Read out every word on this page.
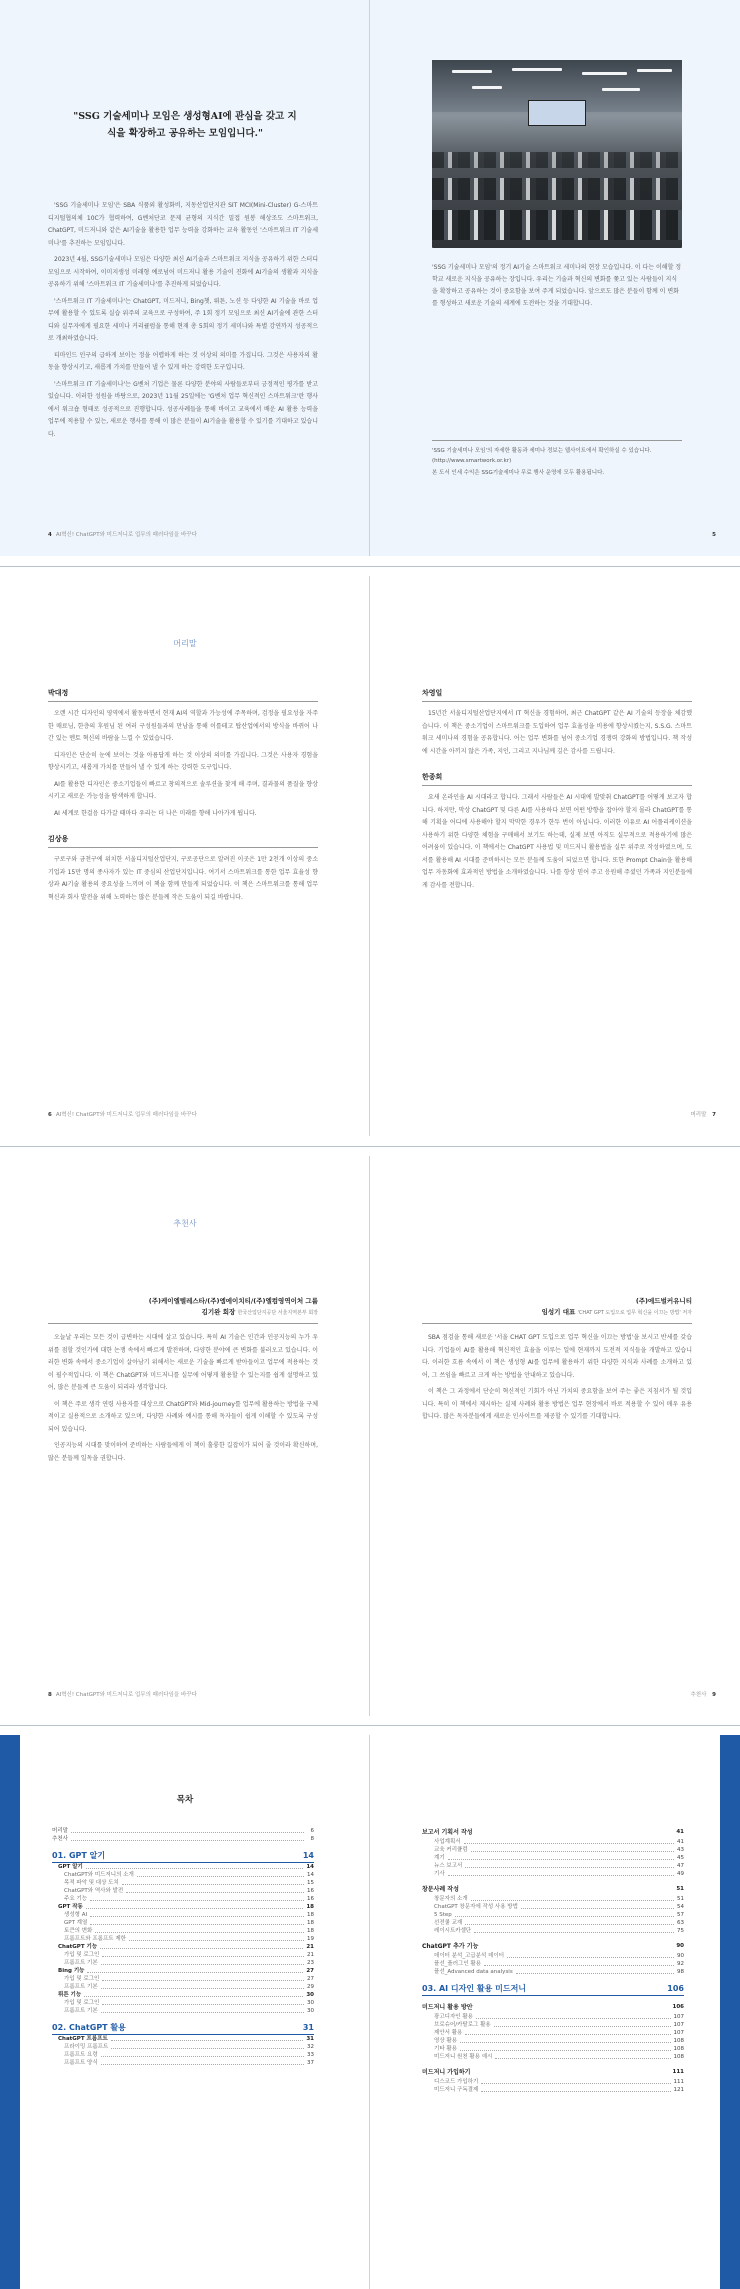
"SSG 기술세미나 모임은 생성형AI에 관심을 갖고 지식을 확장하고 공유하는 모임입니다."

'SSG 기술세미나 모임'은 SBA 식품외 활성화비, 지동산업단지관 SIT MCI(Mini-Cluster) G-스마트 디지털협의체 10C가 협력하여, G벤처단코 문제 균형의 지식간 밀접 원봉 해상조도 스마트워크, ChatGPT, 미드저니와 같은 AI기술을 활용한 업무 능력을 강화하는 교육 활동인 '스마트워크 IT 기술세미나'를 추진하는 모임입니다.

2023년 4월, SSG기술세미나 모임은 다양한 최신 AI기술과 스마트워크 지식을 공유하기 위한 스터디 모임으로 시작하여, 이미지생성 미래형 예로넘어 미드저니 활용 기술이 진화에 AI기술의 생활과 지식을 공유하기 위해 '스마트워크 IT 기술세미나'를 추진하게 되었습니다.

'스마트워크 IT 기술세미나'는 ChatGPT, 미드저니, Bing챗, 뤼튼, 노션 등 다양한 AI 기술을 바로 업무에 활용할 수 있도록 실습 위주의 교육으로 구성하여, 주 1회 정기 모임으로 최신 AI기술에 관한 스터디와 실무자에게 필요한 세미나 커리큘럼을 통해 현재 총 5회의 정기 세미나와 특별 강연까지 성공적으로 개최하였습니다.

티마인드 인구의 급하게 보이는 정을 어렵하게 하는 것 이상의 의미를 가집니다. 그것은 사용자의 활동을 향상시키고, 새롭게 가치를 만들어 낼 수 있게 하는 강력한 도구입니다.

'스마트워크 IT 기술세미나'는 G벤처 기업은 물론 다양한 분야의 사람들로부터 긍정적인 평가를 받고 있습니다. 이러한 성원을 바탕으로, 2023년 11월 25일에는 'G벤처 업무 혁신적인 스마트워크'란 행사에서 워크숍 형태로 성공적으로 진행합니다. 성공사례들을 통해 바이고 교육에서 배운 AI 활용 능력을 업무에 적용할 수 있는, 새로운 행사를 통해 이 많은 분들이 AI기술을 활용할 수 있기를 기대하고 있습니다.

4 AI혁신! ChatGPT와 미드저니로 업무의 패러다임을 바꾸다
'SSG 기술세미나 모임'의 정기 AI기술 스마트워크 세미나의 현장 모습입니다. 이 다는 이해할 정 학교 새로운 지식을 공유하는 장입니다. 우리는 기술과 혁신의 변화를 쫓고 있는 사람들이 지식을 확장하고 공유하는 것이 중요함을 보여 주게 되었습니다. 앞으로도 많은 분들이 함께 이 변화를 형성하고 새로운 기술의 세계에 도전하는 것을 기대합니다.
'SSG 기술세미나 모임'의 자세한 활동과 세미나 정보는 웹사이트에서 확인하실 수 있습니다. (http://www.smartwork.or.kr)
본 도서 인세 수익은 SSG기술세미나 무료 행사 운영에 모두 활용됩니다.
5
머리말
박대정

오랜 시간 디자인의 영역에서 활동하면서 현재 AI의 역할과 가능성에 주목하며, 검정을 필요성을 자주한 매료님, 한층의 후원님 된 여러 구성원들과의 만남을 통해 이를테고 탑산업에서의 방식을 바뀌어 나간 있는 멘토 혁신의 바람을 느낄 수 있었습니다.

디자인은 단순히 눈에 보이는 것을 아름답게 하는 것 이상의 의미를 가집니다. 그것은 사용자 경험을 향상시키고, 새롭게 가치를 만들어 낼 수 있게 하는 강력한 도구입니다.

AI를 활용한 디자인은 중소기업들이 빠르고 창의적으로 솔루션을 찾게 해 주며, 결과물의 품질을 향상시키고 새로운 가능성을 탐색하게 합니다.

AI 세계로 한걸음 다가갈 때마다 우리는 더 나은 미래를 향해 나아가게 됩니다.

김상용

구로구와 금천구에 위치한 서울디지털산업단지, 구로공단으로 알려진 이곳은 1만 2천개 이상의 중소기업과 15만 명의 종사자가 있는 IT 중심의 산업단지입니다. 여기서 스마트워크를 통한 업무 효율성 향상과 AI기술 활용의 중요성을 느끼며 이 책을 함께 만들게 되었습니다. 이 책은 스마트워크를 통해 업무 혁신과 회사 발전을 위해 노력하는 많은 분들께 작은 도움이 되길 바랍니다.

6 AI혁신! ChatGPT와 미드저니로 업무의 패러다임을 바꾸다
차영일

15년간 서울디지털산업단지에서 IT 혁신을 경험하며, 최근 ChatGPT 같은 AI 기술의 등장을 체감했습니다. 이 책은 중소기업이 스마트워크를 도입하여 업무 효율성을 비용에 향상시켰는지, S.S.G. 스마트워크 세미나의 경험을 공유합니다. 어는 업무 변화를 넘어 중소기업 경쟁력 강화의 방법입니다. 책 작성에 시간을 아끼지 않은 가족, 지인, 그리고 지나님께 깊은 감사를 드립니다.

한종희

요새 온라인을 AI 시대라고 합니다. 그래서 사람들은 AI 시대에 발맞춰 ChatGPT를 어떻게 보고자 합니다. 하지만, 막상 ChatGPT 및 다른 AI를 사용하다 보면 어떤 방향을 잡아야 할지 몰라 ChatGPT를 통해 기획을 어디에 사용해야 할지 막막한 경우가 한두 번이 아닙니다. 이러한 이유로 AI 어플리케이션을 사용하기 위한 다양한 체험을 구매해서 보기도 하는데, 실제 보면 아직도 실무적으로 적용하기에 많은 어려움이 있습니다. 이 책에서는 ChatGPT 사용법 및 미드저니 활용법을 실무 위주로 작성하였으며, 도서를 활용해 AI 시대를 준비하시는 모든 분들께 도움이 되었으면 합니다. 또한 Prompt Chain을 활용해 업무 자동화에 효과적인 방법을 소개하였습니다. 나를 항상 믿어 주고 응원해 주셨던 가족과 지인분들에게 감사를 전합니다.

머리말 7
추천사
(주)케이엘텔레스타/(주)엠에이치티/(주)엘컴영역이처 그룹
김기완 회장 한국산업단지공단 서울지역본부 회장

오늘날 우리는 모든 것이 급변하는 시대에 살고 있습니다. 특히 AI 기술은 인간과 인공지능의 누가 우위를 점할 것인가에 대한 논쟁 속에서 빠르게 발전하며, 다양한 분야에 큰 변화를 불러오고 있습니다. 이러한 변화 속에서 중소기업이 살아남기 위해서는 새로운 기술을 빠르게 받아들이고 업무에 적용하는 것이 필수적입니다. 이 책은 ChatGPT와 미드저니를 실무에 어떻게 활용할 수 있는지를 쉽게 설명하고 있어, 많은 분들께 큰 도움이 되리라 생각합니다.

이 책은 주로 생각 연령 사용자를 대상으로 ChatGPT와 Mid-journey를 업무에 활용하는 방법을 구체적이고 실용적으로 소개하고 있으며, 다양한 사례와 예시를 통해 독자들이 쉽게 이해할 수 있도록 구성되어 있습니다.

인공지능의 시대를 맞이하여 준비하는 사람들에게 이 책이 훌륭한 길잡이가 되어 줄 것이라 확신하며, 많은 분들께 일독을 권합니다.

8 AI혁신! ChatGPT와 미드저니로 업무의 패러다임을 바꾸다
(주)에드벌커유니티
임성기 대표 'CHAT GPT 도입으로 업무 혁신을 이끄는 방법' 저자

SBA 점검을 통해 새로운 '서울 CHAT GPT 도입으로 업무 혁신을 이끄는 방법'을 보시고 반세를 갖습니다. 기업들이 AI를 활용해 혁신적인 효율을 이루는 일에 현재까지 도전적 지식들을 개발하고 있습니다. 이러한 흐름 속에서 이 책은 생성형 AI를 업무에 활용하기 위한 다양한 지식과 사례를 소개하고 있어, 그 쓰임을 빠르고 크게 하는 방법을 안내하고 있습니다.

이 책은 그 과정에서 단순히 혁신적인 기회가 아닌 가치의 중요함을 보여 주는 좋은 지침서가 될 것입니다. 특히 이 책에서 제시하는 실제 사례와 활용 방법은 업무 현장에서 바로 적용할 수 있어 매우 유용합니다. 많은 독자분들에게 새로운 인사이트를 제공할 수 있기를 기대합니다.

추천사 9
목차
머리말	6
추천사	8
01. GPT 알기	14
GPT 알기	14
ChatGPT와 미드저니의 소개	14
목적 파악 및 대상 도치	15
ChatGPT와 역사와 발전	16
주요 기능	16
GPT 작동	18
생성형 AI	18
GPT 계열	18
토큰의 변화	18
프롬프트와 프롬프트 제한	19
ChatGPT 기능	21
가입 및 로그인	21
프롬프트 기본	23
Bing 기능	27
가입 및 로그인	27
프롬프트 기본	29
뤼튼 기능	30
가입 및 로그인	30
프롬프트 기본	30
02. ChatGPT 활용	31
ChatGPT 프롬프트	31
프라이밍 프롬프트	32
프롬프트 요령	33
프롬프트 양식	37
보고서 기획서 작성	41
사업계획서	41
교육 커리큘럼	43
계기	45
뉴스 보고서	47
기사	49
창문사례 작성	51
창문자의 소개	51
ChatGPT 창문자에 작성 사용 방법	54
5 Step	57
선전쿨 교재	63
레이시트카셀단	75
ChatGPT 추가 기능	90
데이터 분석_고급분석 데이터	90
플선_플러그인 활용	92
플선_Advanced data analysis	98
03. AI 디자인 활용 미드저니	106
미드저니 활용 방안	106
광고디자인 활용	107
브로슈어/카탈로그 활용	107
제안서 활용	107
영상 활용	108
기타 활용	108
미드저니 원천 활용 예시	108
미드저니 가입하기	111
디스코드 가입하기	111
미드저니 구독결제	121
